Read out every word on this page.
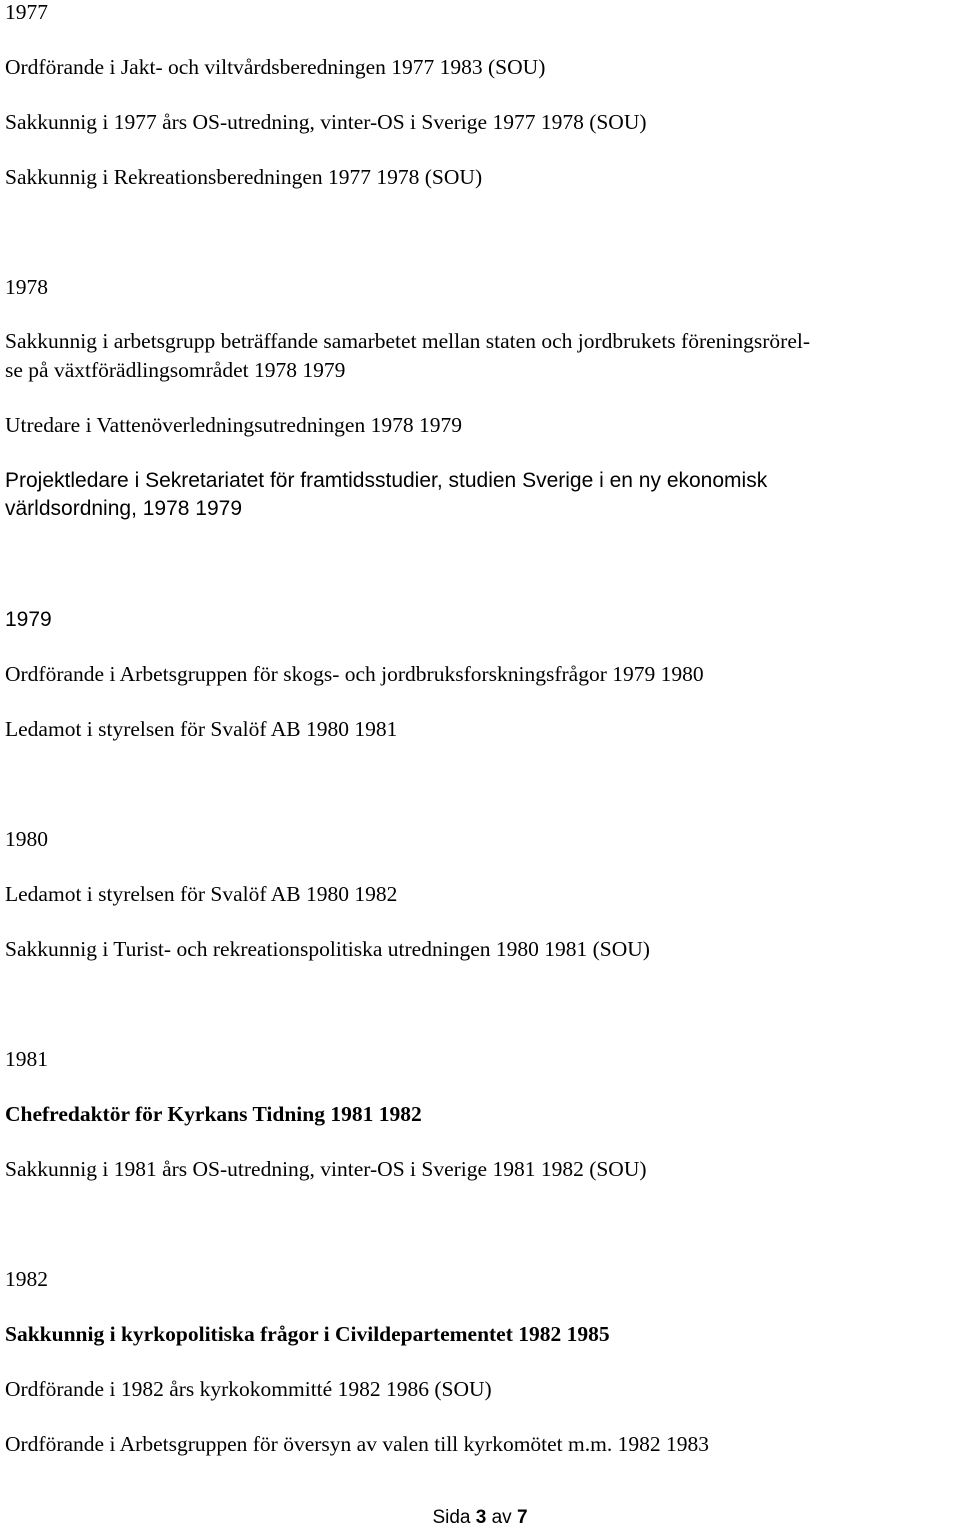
1977
Ordförande i Jakt- och viltvårdsberedningen 1977 1983 (SOU)
Sakkunnig i 1977 års OS-utredning, vinter-OS i Sverige 1977 1978 (SOU)
Sakkunnig i Rekreationsberedningen 1977 1978 (SOU)
1978
Sakkunnig i arbetsgrupp beträffande samarbetet mellan staten och jordbrukets föreningsrörel-
se på växtförädlingsområdet 1978 1979
Utredare i Vattenöverledningsutredningen 1978 1979
Projektledare i Sekretariatet för framtidsstudier, studien Sverige i en ny ekonomisk
världsordning, 1978 1979
1979
Ordförande i Arbetsgruppen för skogs- och jordbruksforskningsfrågor 1979 1980
Ledamot i styrelsen för Svalöf AB 1980 1981
1980
Ledamot i styrelsen för Svalöf AB 1980 1982
Sakkunnig i Turist- och rekreationspolitiska utredningen 1980 1981 (SOU)
1981
Chefredaktör för Kyrkans Tidning 1981 1982
Sakkunnig i 1981 års OS-utredning, vinter-OS i Sverige 1981 1982 (SOU)
1982
Sakkunnig i kyrkopolitiska frågor i Civildepartementet 1982 1985
Ordförande i 1982 års kyrkokommitté 1982 1986 (SOU)
Ordförande i Arbetsgruppen för översyn av valen till kyrkomötet m.m. 1982 1983
Sida 3 av 7
